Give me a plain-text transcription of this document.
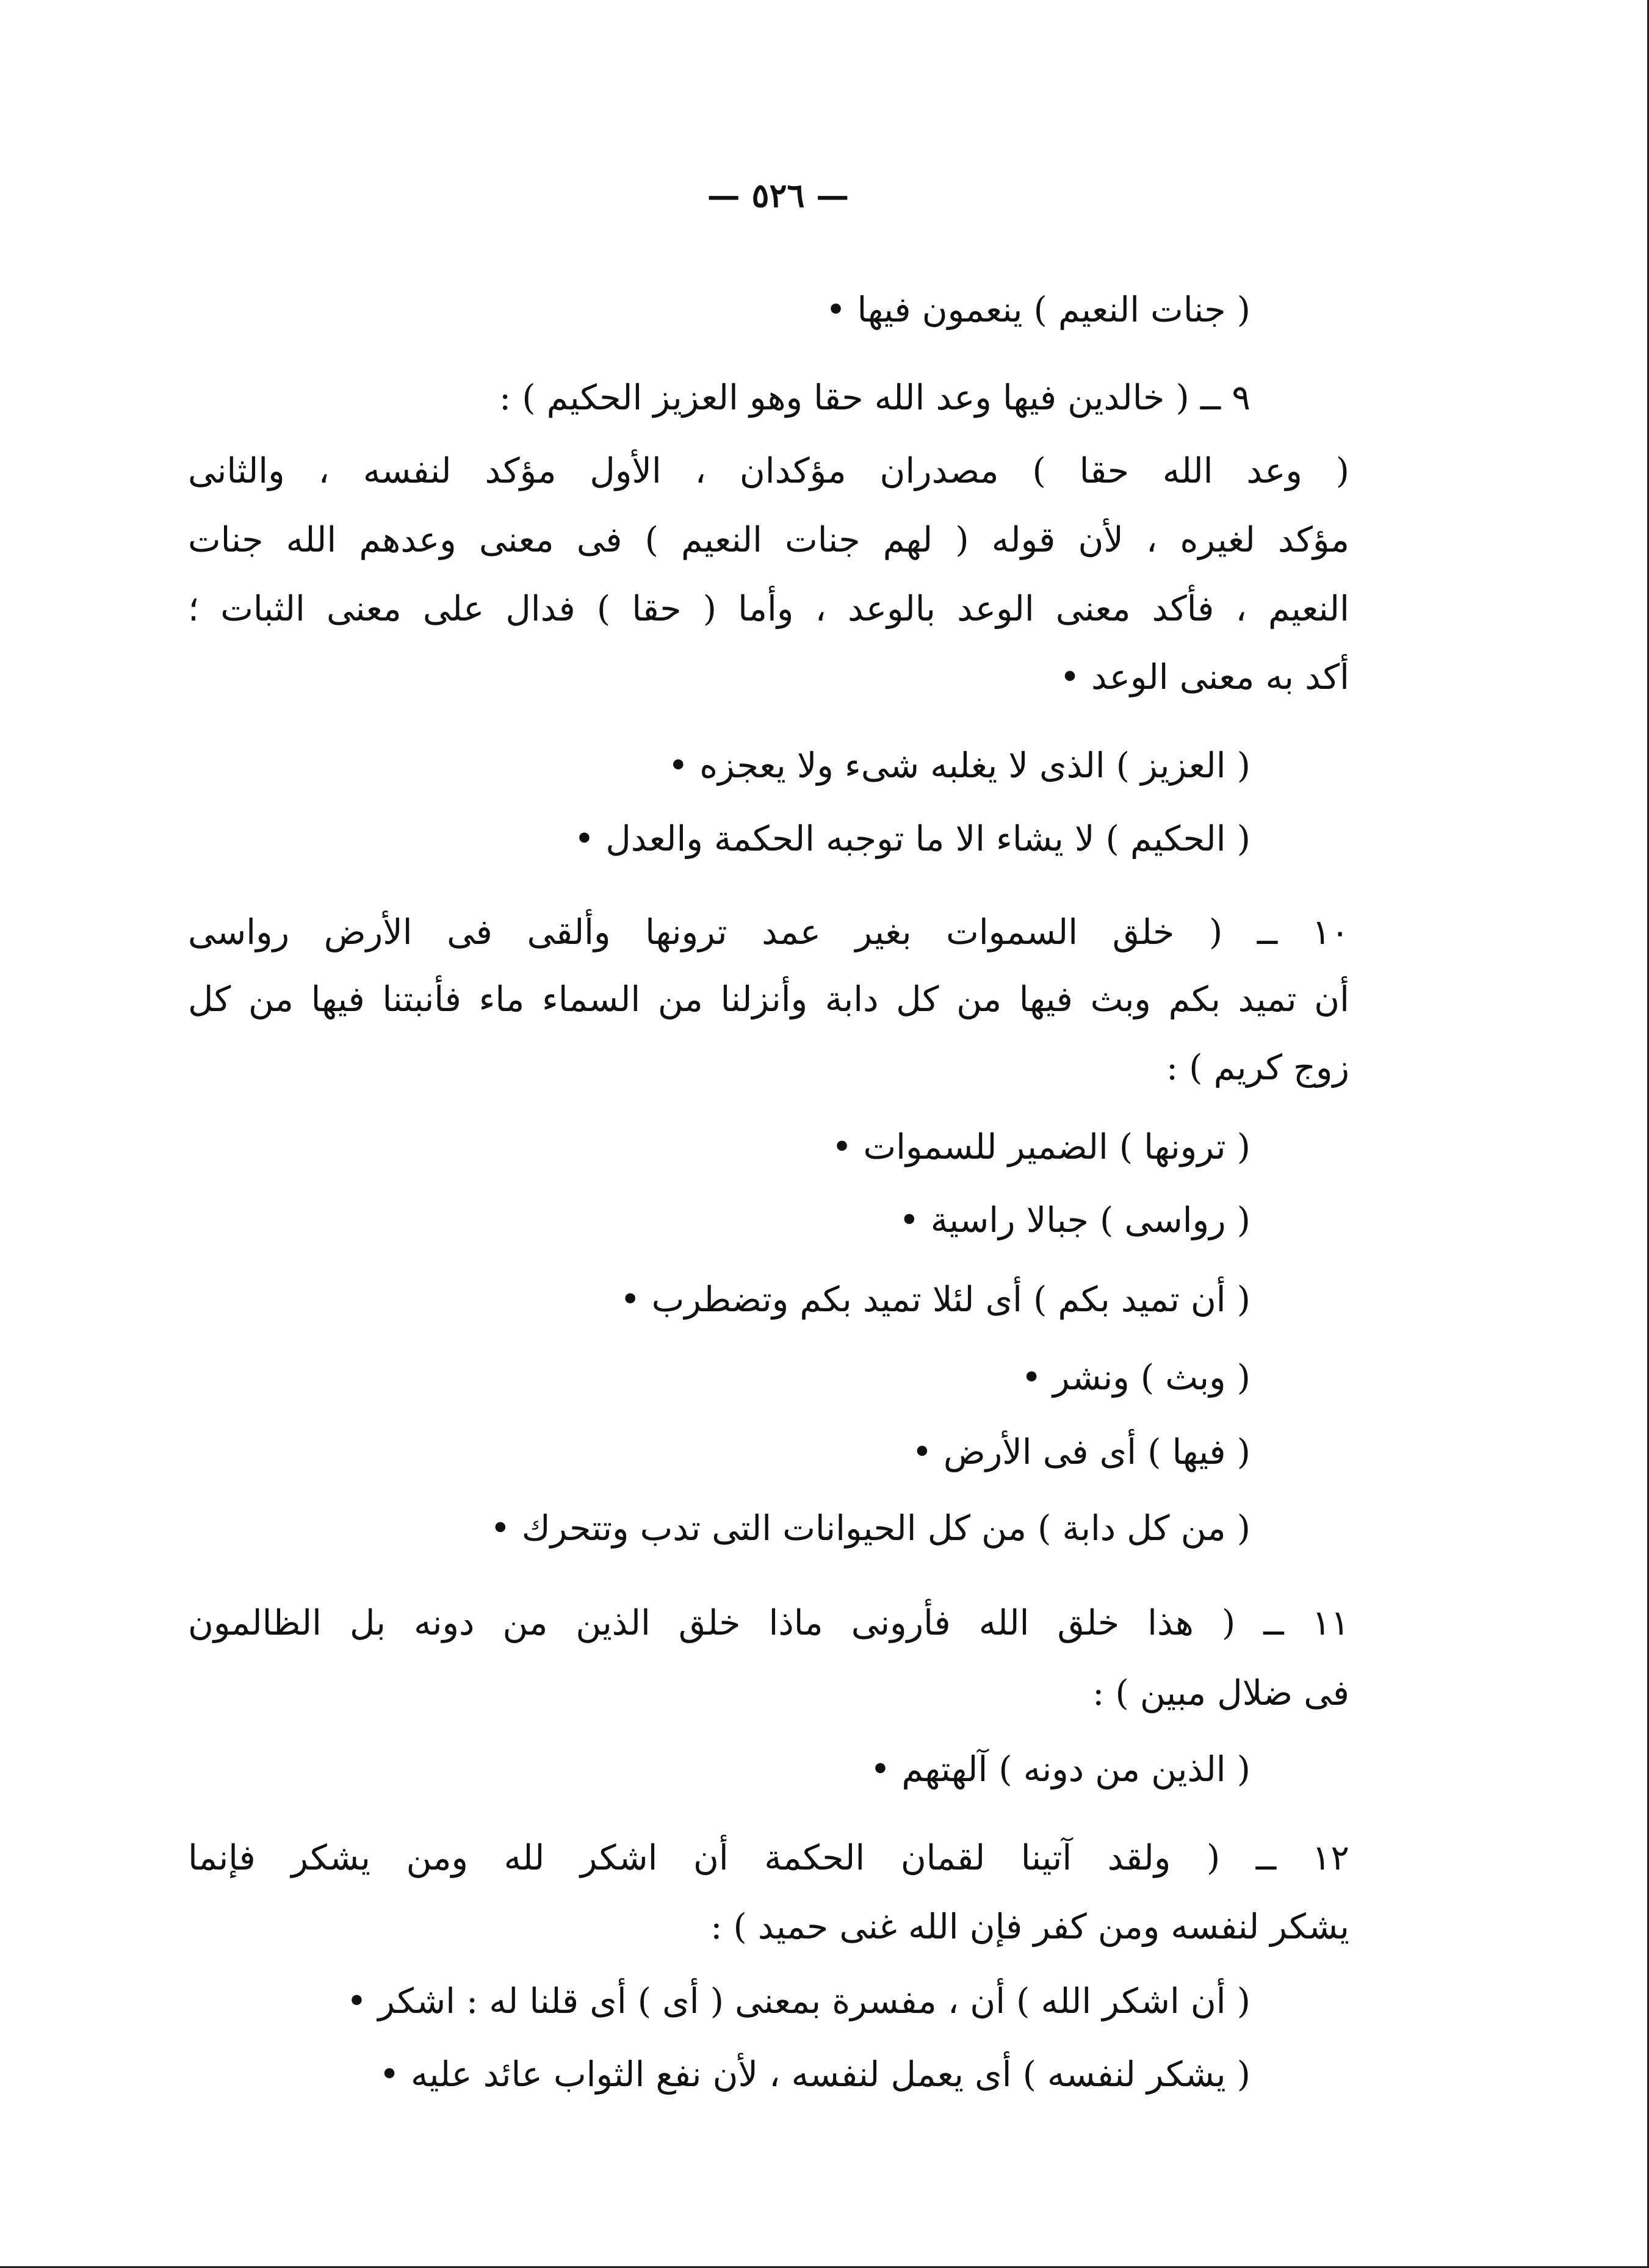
— ٥٢٦ —

( جنات النعيم ) ينعمون فيها •

٩ ــ ( خالدين فيها وعد الله حقا وهو العزيز الحكيم ) :

( وعد الله حقا ) مصدران مؤكدان ، الأول مؤكد لنفسه ، والثانى

مؤكد لغيره ، لأن قوله ( لهم جنات النعيم ) فى معنى وعدهم الله جنات

النعيم ، فأكد معنى الوعد بالوعد ، وأما ( حقا ) فدال على معنى الثبات ؛

أكد به معنى الوعد •

( العزيز ) الذى لا يغلبه شىء ولا يعجزه •

( الحكيم ) لا يشاء الا ما توجبه الحكمة والعدل •

١٠ ــ ( خلق السموات بغير عمد ترونها وألقى فى الأرض رواسى

أن تميد بكم وبث فيها من كل دابة وأنزلنا من السماء ماء فأنبتنا فيها من كل

زوج كريم ) :

( ترونها ) الضمير للسموات •

( رواسى ) جبالا راسية •

( أن تميد بكم ) أى لئلا تميد بكم وتضطرب •

( وبث ) ونشر •

( فيها ) أى فى الأرض •

( من كل دابة ) من كل الحيوانات التى تدب وتتحرك •

١١ ــ ( هذا خلق الله فأرونى ماذا خلق الذين من دونه بل الظالمون

فى ضلال مبين ) :

( الذين من دونه ) آلهتهم •

١٢ ــ ( ولقد آتينا لقمان الحكمة أن اشكر لله ومن يشكر فإنما

يشكر لنفسه ومن كفر فإن الله غنى حميد ) :

( أن اشكر الله ) أن ، مفسرة بمعنى ( أى ) أى قلنا له : اشكر •

( يشكر لنفسه ) أى يعمل لنفسه ، لأن نفع الثواب عائد عليه •
